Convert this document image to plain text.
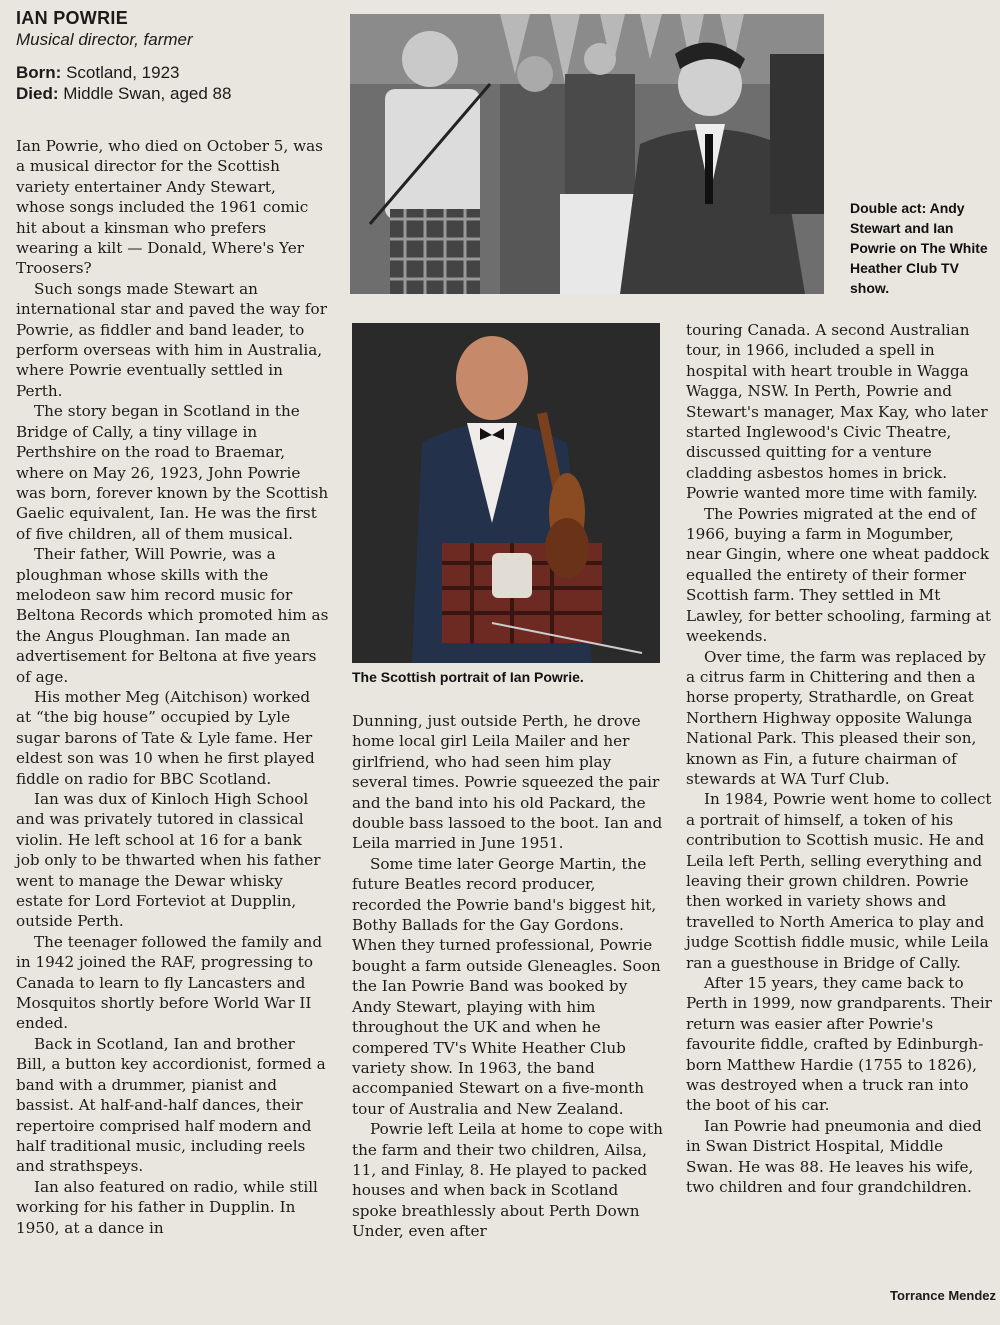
IAN POWRIE
Musical director, farmer
Born: Scotland, 1923
Died: Middle Swan, aged 88
Double act: Andy Stewart and Ian Powrie on The White Heather Club TV show.
The Scottish portrait of Ian Powrie.

Ian Powrie, who died on October 5, was a musical director for the Scottish variety entertainer Andy Stewart, whose songs included the 1961 comic hit about a kinsman who prefers wearing a kilt — Donald, Where's Yer Troosers?

Such songs made Stewart an international star and paved the way for Powrie, as fiddler and band leader, to perform overseas with him in Australia, where Powrie eventually settled in Perth.

The story began in Scotland in the Bridge of Cally, a tiny village in Perthshire on the road to Braemar, where on May 26, 1923, John Powrie was born, forever known by the Scottish Gaelic equivalent, Ian. He was the first of five children, all of them musical.

Their father, Will Powrie, was a ploughman whose skills with the melodeon saw him record music for Beltona Records which promoted him as the Angus Ploughman. Ian made an advertisement for Beltona at five years of age.

His mother Meg (Aitchison) worked at “the big house” occupied by Lyle sugar barons of Tate & Lyle fame. Her eldest son was 10 when he first played fiddle on radio for BBC Scotland.

Ian was dux of Kinloch High School and was privately tutored in classical violin. He left school at 16 for a bank job only to be thwarted when his father went to manage the Dewar whisky estate for Lord Forteviot at Dupplin, outside Perth.

The teenager followed the family and in 1942 joined the RAF, progressing to Canada to learn to fly Lancasters and Mosquitos shortly before World War II ended.

Back in Scotland, Ian and brother Bill, a button key accordionist, formed a band with a drummer, pianist and bassist. At half-and-half dances, their repertoire comprised half modern and half traditional music, including reels and strathspeys.

Ian also featured on radio, while still working for his father in Dupplin. In 1950, at a dance in

Dunning, just outside Perth, he drove home local girl Leila Mailer and her girlfriend, who had seen him play several times. Powrie squeezed the pair and the band into his old Packard, the double bass lassoed to the boot. Ian and Leila married in June 1951.

Some time later George Martin, the future Beatles record producer, recorded the Powrie band's biggest hit, Bothy Ballads for the Gay Gordons. When they turned professional, Powrie bought a farm outside Gleneagles. Soon the Ian Powrie Band was booked by Andy Stewart, playing with him throughout the UK and when he compered TV's White Heather Club variety show. In 1963, the band accompanied Stewart on a five-month tour of Australia and New Zealand.

Powrie left Leila at home to cope with the farm and their two children, Ailsa, 11, and Finlay, 8. He played to packed houses and when back in Scotland spoke breathlessly about Perth Down Under, even after

touring Canada. A second Australian tour, in 1966, included a spell in hospital with heart trouble in Wagga Wagga, NSW. In Perth, Powrie and Stewart's manager, Max Kay, who later started Inglewood's Civic Theatre, discussed quitting for a venture cladding asbestos homes in brick. Powrie wanted more time with family.

The Powries migrated at the end of 1966, buying a farm in Mogumber, near Gingin, where one wheat paddock equalled the entirety of their former Scottish farm. They settled in Mt Lawley, for better schooling, farming at weekends.

Over time, the farm was replaced by a citrus farm in Chittering and then a horse property, Strathardle, on Great Northern Highway opposite Walunga National Park. This pleased their son, known as Fin, a future chairman of stewards at WA Turf Club.

In 1984, Powrie went home to collect a portrait of himself, a token of his contribution to Scottish music. He and Leila left Perth, selling everything and leaving their grown children. Powrie then worked in variety shows and travelled to North America to play and judge Scottish fiddle music, while Leila ran a guesthouse in Bridge of Cally.

After 15 years, they came back to Perth in 1999, now grandparents. Their return was easier after Powrie's favourite fiddle, crafted by Edinburgh-born Matthew Hardie (1755 to 1826), was destroyed when a truck ran into the boot of his car.

Ian Powrie had pneumonia and died in Swan District Hospital, Middle Swan. He was 88. He leaves his wife, two children and four grandchildren.

Torrance Mendez
